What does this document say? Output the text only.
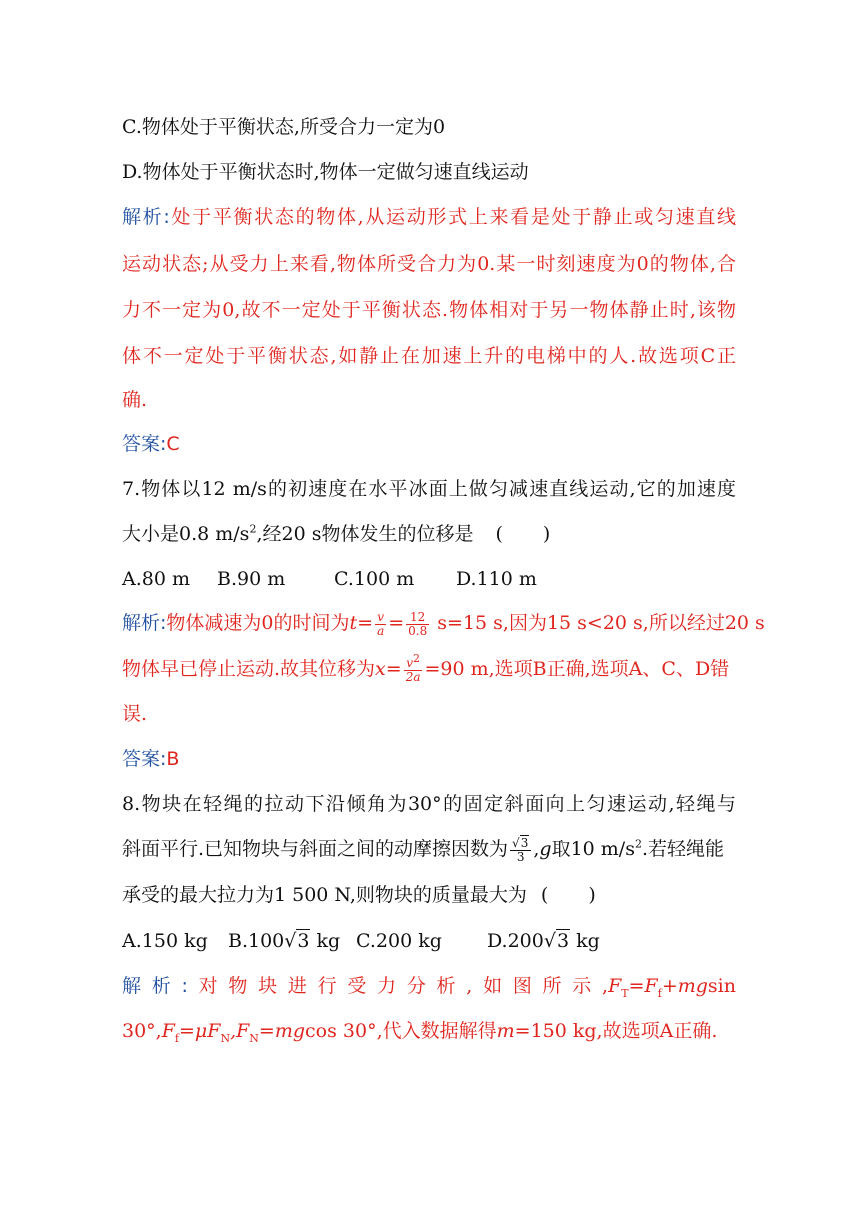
C.物体处于平衡状态,所受合力一定为0
D.物体处于平衡状态时,物体一定做匀速直线运动
解析:处于平衡状态的物体,从运动形式上来看是处于静止或匀速直线
运动状态;从受力上来看,物体所受合力为0.某一时刻速度为0的物体,合
力不一定为0,故不一定处于平衡状态.物体相对于另一物体静止时,该物
体不一定处于平衡状态,如静止在加速上升的电梯中的人.故选项C正
确.
答案:C
7.物体以12 m/s的初速度在水平冰面上做匀减速直线运动,它的加速度
大小是0.8 $m/s^2$,经20 s物体发生的位移是 ( )
A.80 m B.90 m	C.100 m D.110 m
解析:物体减速为0的时间为$t= \frac{v}{a} = \frac{12}{0.8} s=15$ s,因为15 s<20 s,所以经过20 s
物体早已停止运动.故其位移为$x= \frac{v^2}{2a} =90$ m,选项B正确,选项A、C、D错
误.
答案:B
8.物块在轻绳的拉动下沿倾角为30°的固定斜面向上匀速运动,轻绳与
斜面平行.已知物块与斜面之间的动摩擦因数为 $\frac{√3}{3} ,g$取10 $m/s^2$.若轻绳能
承受的最大拉力为1 500 N,则物块的质量最大为 ( )
A.150 kg B.100√3 kg C.200 kg D.200√3 kg
解析:对物块进行受力分析,如图所示$,F_T=F_f+mgsin$
$30^\circ,F_f=\mu F_N,F_N=mgcos$ 30°,代入数据解得m=150 kg,故选项A正确.
